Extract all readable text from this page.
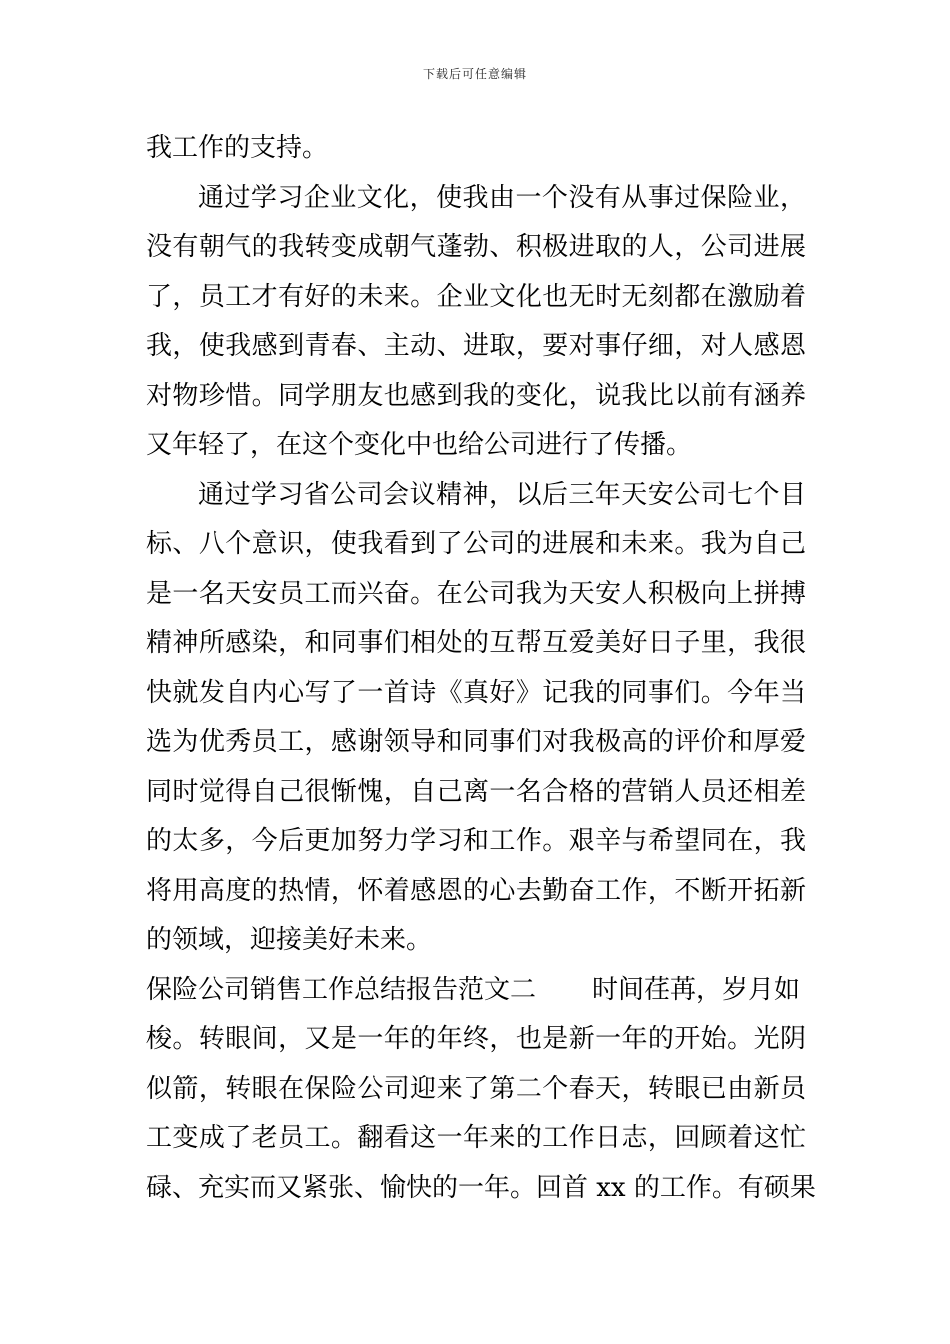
下载后可任意编辑
我工作的支持。
通过学习企业文化，使我由一个没有从事过保险业，
没有朝气的我转变成朝气蓬勃、积极进取的人，公司进展
了，员工才有好的未来。企业文化也无时无刻都在激励着
我，使我感到青春、主动、进取，要对事仔细，对人感恩
对物珍惜。同学朋友也感到我的变化，说我比以前有涵养
又年轻了，在这个变化中也给公司进行了传播。
通过学习省公司会议精神，以后三年天安公司七个目
标、八个意识，使我看到了公司的进展和未来。我为自己
是一名天安员工而兴奋。在公司我为天安人积极向上拼搏
精神所感染，和同事们相处的互帮互爱美好日子里，我很
快就发自内心写了一首诗《真好》记我的同事们。今年当
选为优秀员工，感谢领导和同事们对我极高的评价和厚爱
同时觉得自己很惭愧，自己离一名合格的营销人员还相差
的太多，今后更加努力学习和工作。艰辛与希望同在，我
将用高度的热情，怀着感恩的心去勤奋工作，不断开拓新
的领域，迎接美好未来。
保险公司销售工作总结报告范文二 时间荏苒，岁月如
梭。转眼间，又是一年的年终，也是新一年的开始。光阴
似箭，转眼在保险公司迎来了第二个春天，转眼已由新员
工变成了老员工。翻看这一年来的工作日志，回顾着这忙
碌、充实而又紧张、愉快的一年。回首 xx 的工作。有硕果
